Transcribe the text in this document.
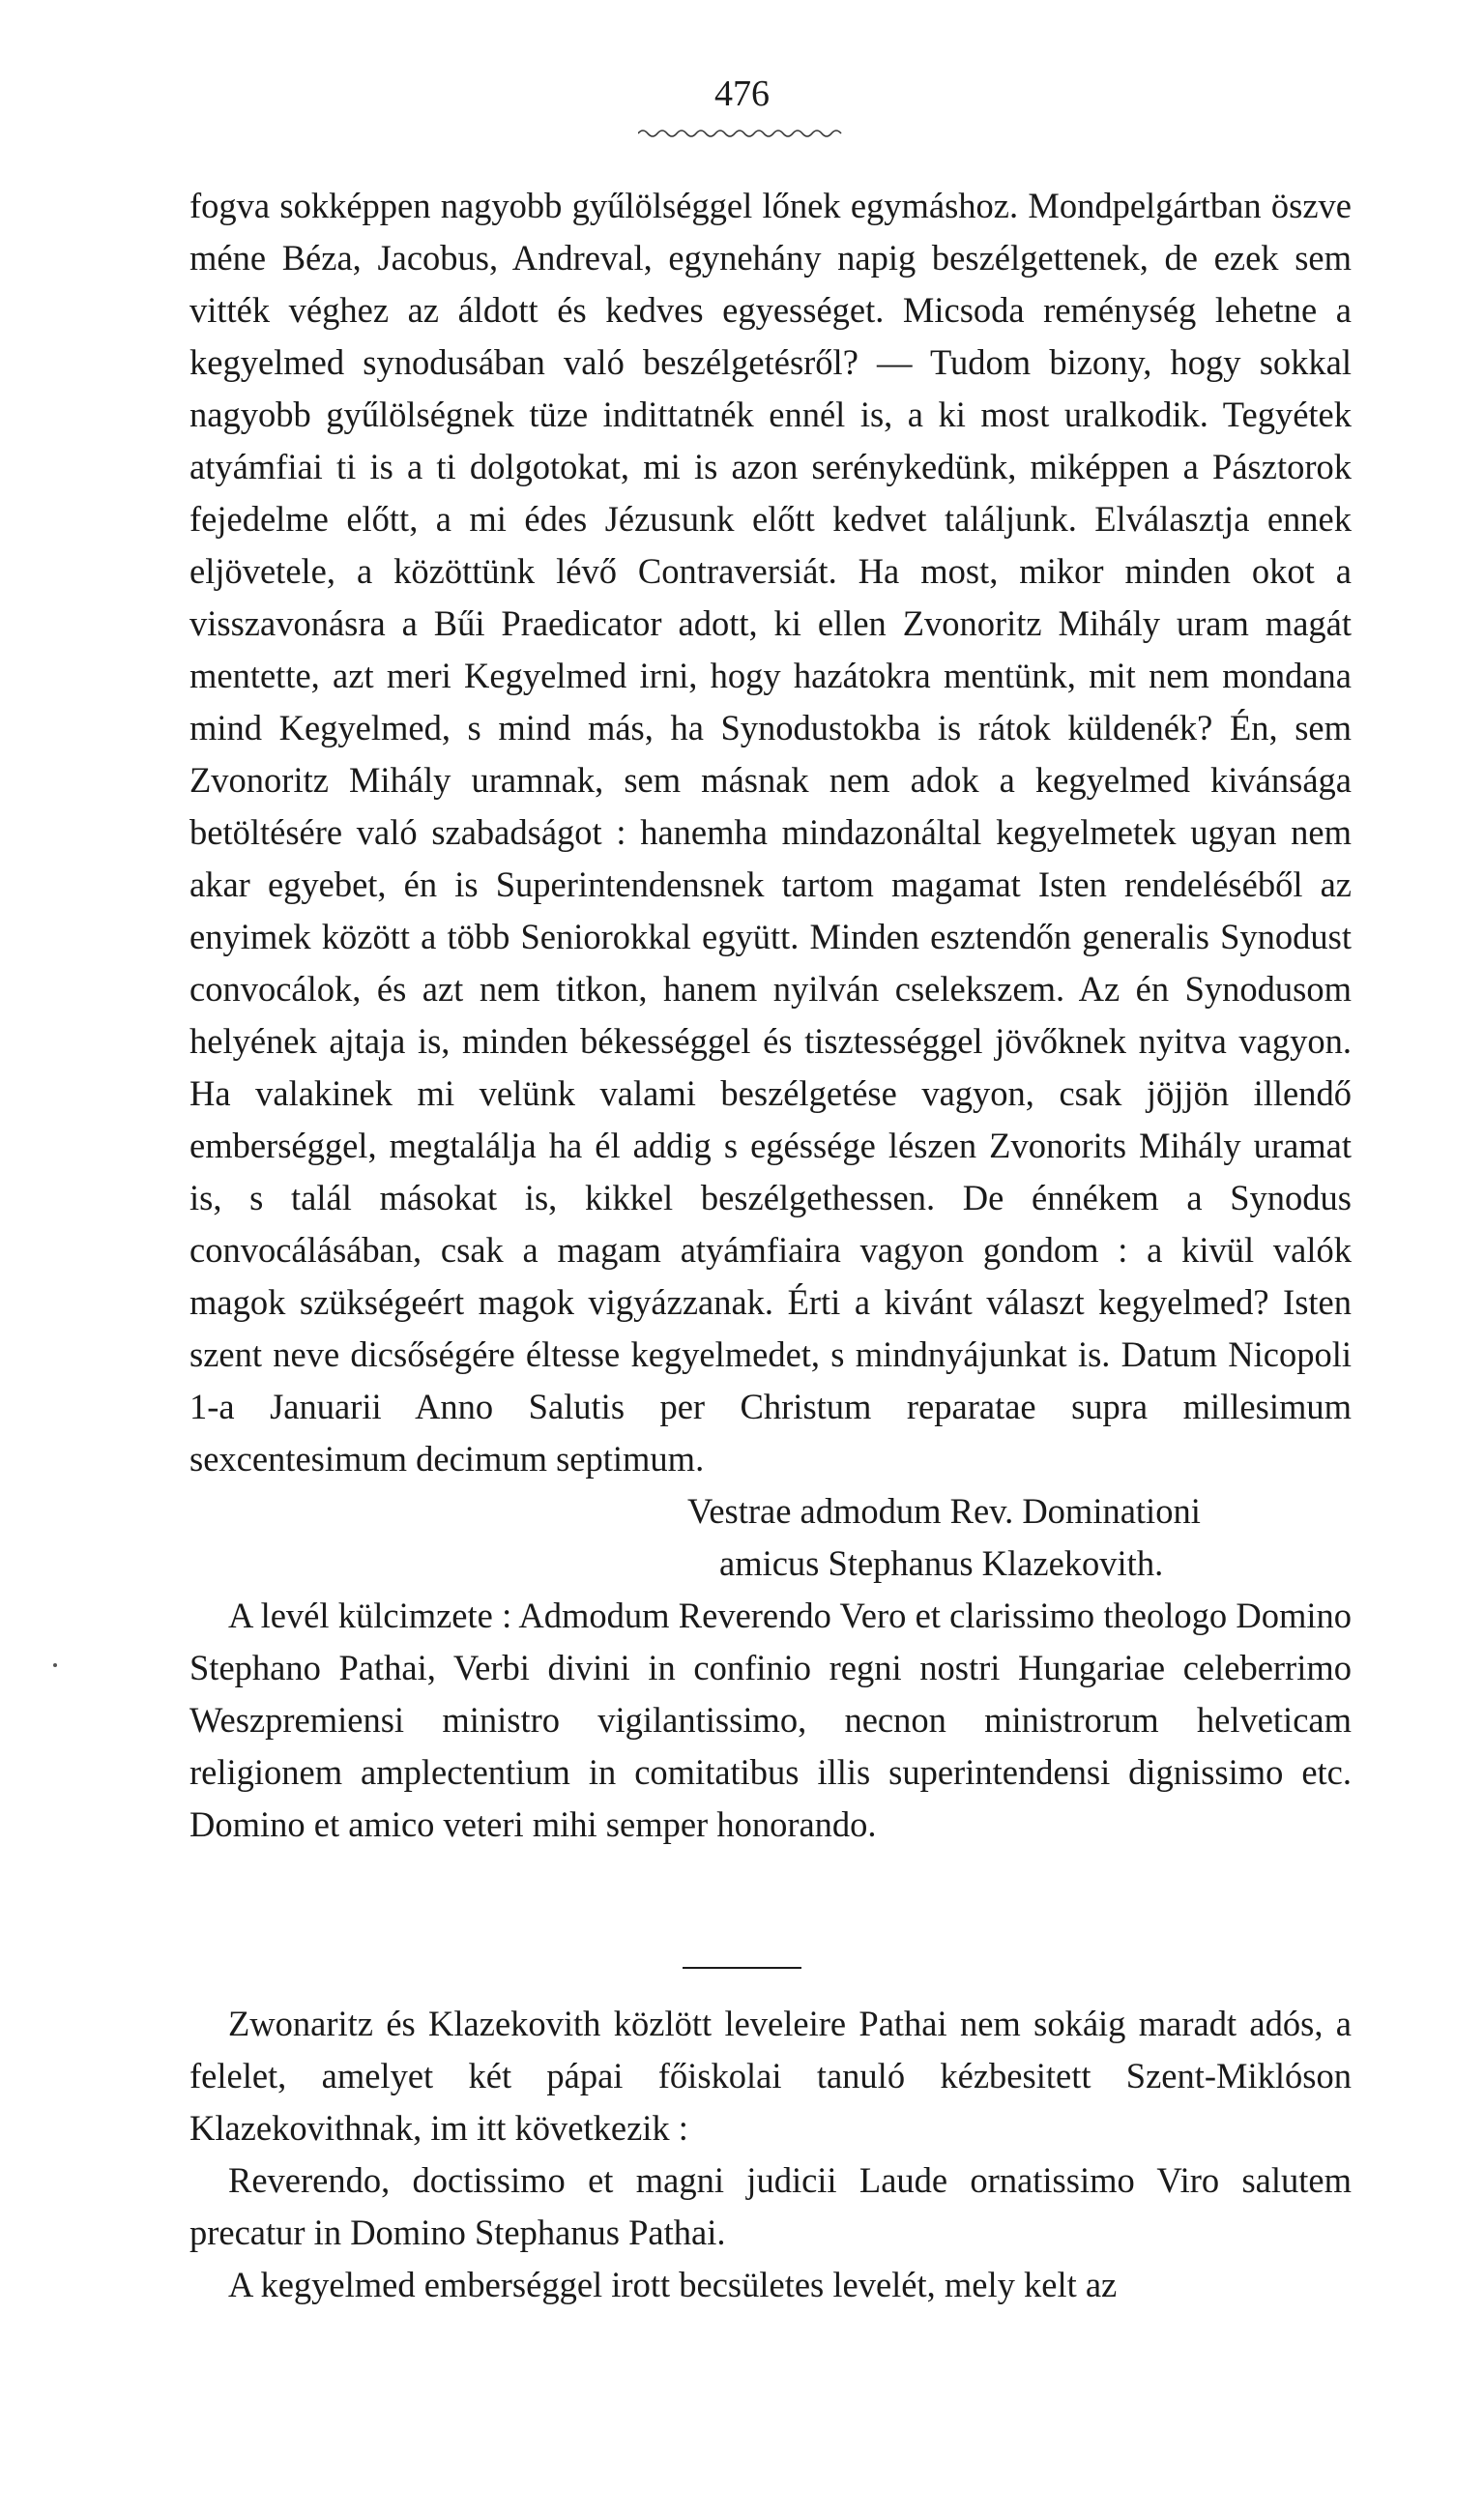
476

fogva sokképpen nagyobb gyűlölséggel lőnek egymáshoz. Mondpelgártban öszve méne Béza, Jacobus, Andreval, egynehány napig beszélgettenek, de ezek sem vitték véghez az áldott és kedves egyességet. Micsoda reménység lehetne a kegyelmed synodusában való beszélgetésről? — Tudom bizony, hogy sokkal nagyobb gyűlölségnek tüze indittatnék ennél is, a ki most uralkodik. Tegyétek atyámfiai ti is a ti dolgotokat, mi is azon serénykedünk, miképpen a Pásztorok fejedelme előtt, a mi édes Jézusunk előtt kedvet találjunk. Elválasztja ennek eljövetele, a közöttünk lévő Contraversiát. Ha most, mikor minden okot a visszavonásra a Bűi Praedicator adott, ki ellen Zvonoritz Mihály uram magát mentette, azt meri Kegyelmed irni, hogy hazátokra mentünk, mit nem mondana mind Kegyelmed, s mind más, ha Synodustokba is rátok küldenék? Én, sem Zvonoritz Mihály uramnak, sem másnak nem adok a kegyelmed kivánsága betöltésére való szabadságot : hanemha mindazonáltal kegyelmetek ugyan nem akar egyebet, én is Superintendensnek tartom magamat Isten rendeléséből az enyimek között a több Seniorokkal együtt. Minden esztendőn generalis Synodust convocálok, és azt nem titkon, hanem nyilván cselekszem. Az én Synodusom helyének ajtaja is, minden békességgel és tisztességgel jövőknek nyitva vagyon. Ha valakinek mi velünk valami beszélgetése vagyon, csak jöjjön illendő emberséggel, megtalálja ha él addig s egéssége lészen Zvonorits Mihály uramat is, s talál másokat is, kikkel beszélgethessen. De énnékem a Synodus convocálásában, csak a magam atyámfiaira vagyon gondom : a kivül valók magok szükségeért magok vigyázzanak. Érti a kivánt választ kegyelmed? Isten szent neve dicsőségére éltesse kegyelmedet, s mindnyájunkat is. Datum Nicopoli 1-a Januarii Anno Salutis per Christum reparatae supra millesimum sexcentesimum decimum septimum.

Vestrae admodum Rev. Dominationi

amicus Stephanus Klazekovith.

A levél külcimzete : Admodum Reverendo Vero et clarissimo theologo Domino Stephano Pathai, Verbi divini in confinio regni nostri Hungariae celeberrimo Weszpremiensi ministro vigilantissimo, necnon ministrorum helveticam religionem amplectentium in comitatibus illis superintendensi dignissimo etc. Domino et amico veteri mihi semper honorando.

Zwonaritz és Klazekovith közlött leveleire Pathai nem sokáig maradt adós, a felelet, amelyet két pápai főiskolai tanuló kézbesitett Szent-Miklóson Klazekovithnak, im itt következik :

Reverendo, doctissimo et magni judicii Laude ornatissimo Viro salutem precatur in Domino Stephanus Pathai.

A kegyelmed emberséggel irott becsületes levelét, mely kelt az
